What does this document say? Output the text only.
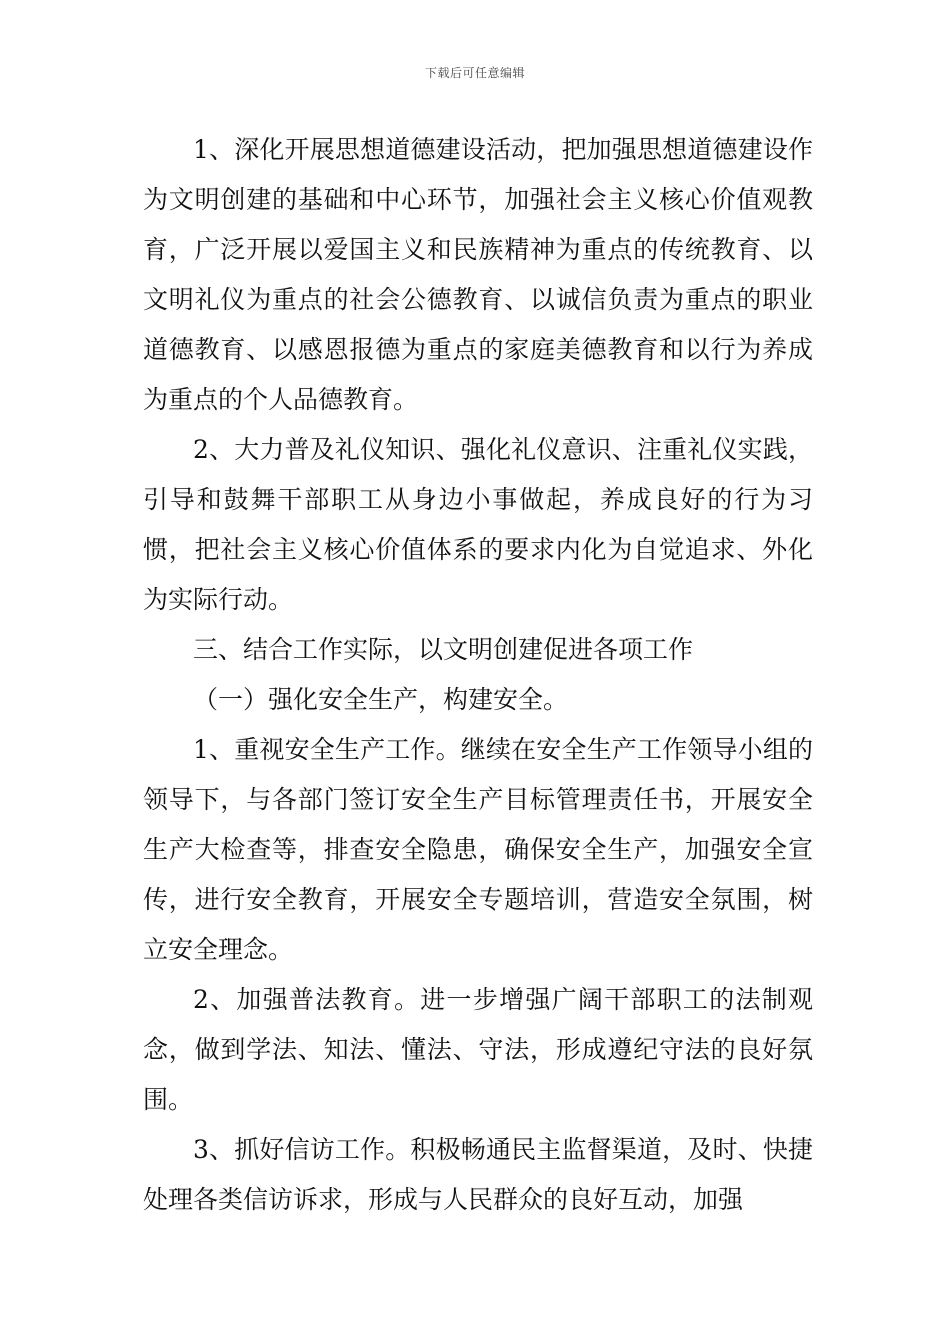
下载后可任意编辑

1、深化开展思想道德建设活动，把加强思想道德建设作为文明创建的基础和中心环节，加强社会主义核心价值观教育，广泛开展以爱国主义和民族精神为重点的传统教育、以文明礼仪为重点的社会公德教育、以诚信负责为重点的职业道德教育、以感恩报德为重点的家庭美德教育和以行为养成为重点的个人品德教育。

2、大力普及礼仪知识、强化礼仪意识、注重礼仪实践，引导和鼓舞干部职工从身边小事做起，养成良好的行为习惯，把社会主义核心价值体系的要求内化为自觉追求、外化为实际行动。

三、结合工作实际，以文明创建促进各项工作

（一）强化安全生产，构建安全。

1、重视安全生产工作。继续在安全生产工作领导小组的领导下，与各部门签订安全生产目标管理责任书，开展安全生产大检查等，排查安全隐患，确保安全生产，加强安全宣传，进行安全教育，开展安全专题培训，营造安全氛围，树立安全理念。

2、加强普法教育。进一步增强广阔干部职工的法制观念，做到学法、知法、懂法、守法，形成遵纪守法的良好氛围。

3、抓好信访工作。积极畅通民主监督渠道，及时、快捷处理各类信访诉求，形成与人民群众的良好互动，加强
